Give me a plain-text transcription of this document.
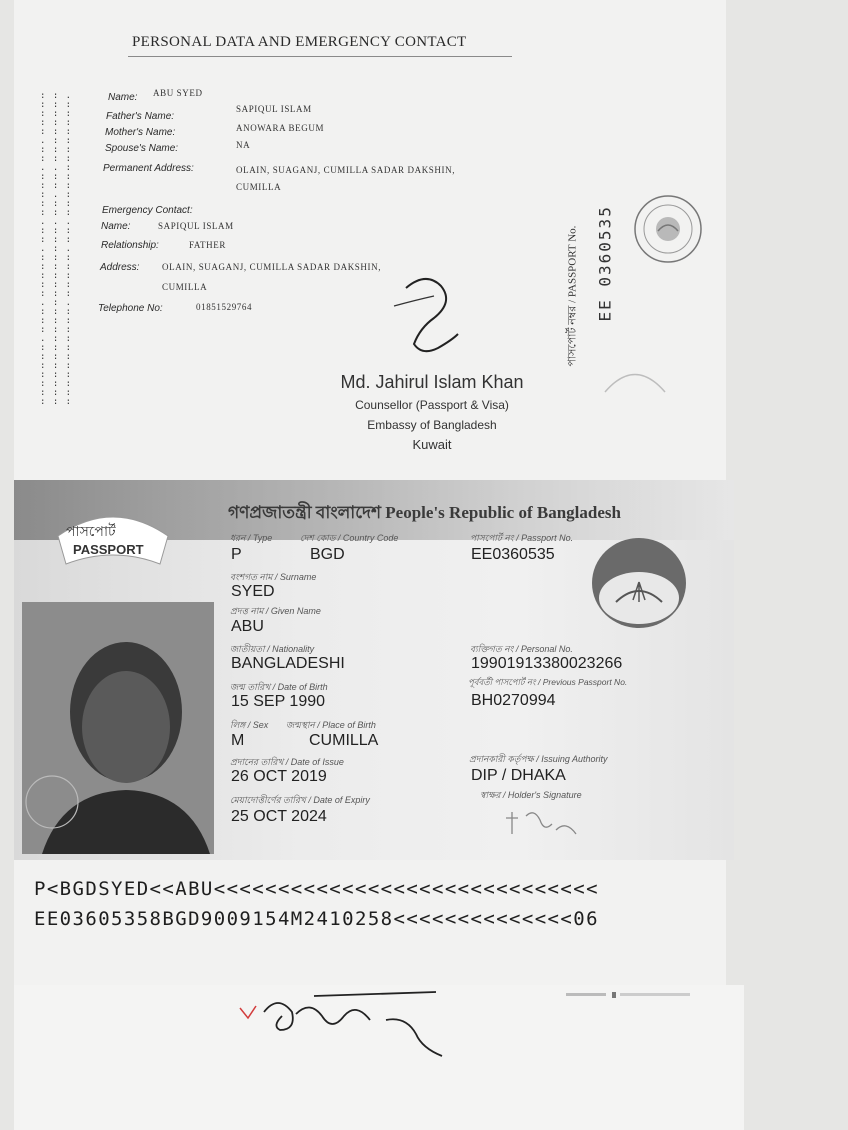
PERSONAL DATA AND EMERGENCY CONTACT
: : .
: : :
: : :
: : :
: : :
. : :
: : :
: : :
. . :
: : :
: : :
: . :
: : :
: : :
. . .
: : :
: : :
. : .
: : :
: : :
: : :
: : :
: : :
. : .
: : :
: : :
: : :
. : :
: : :
: : :
: : :
: : :
: : :
: : :
: : :
Name: ABU SYED
Father's Name:
SAPIQUL ISLAM
Mother's Name:	ANOWARA BEGUM
Spouse's Name:	NA
Permanent Address:	OLAIN, SUAGANJ, CUMILLA SADAR DAKSHIN,
CUMILLA
Emergency Contact:
Name:	SAPIQUL ISLAM
Relationship:	FATHER
Address:	OLAIN, SUAGANJ, CUMILLA SADAR DAKSHIN,
CUMILLA
Telephone No:	01851529764	পাসপোর্ট নম্বর / PASSPORT No. EE 0360535
Md. Jahirul Islam Khan
Counsellor (Passport & Visa)
Embassy of Bangladesh
Kuwait
গণপ্রজাতন্ত্রী বাংলাদেশ People's Republic of Bangladesh
পাসপোর্ট
PASSPORT
ধরন / Type	দেশ কোড / Country Code	পাসপোর্ট নং / Passport No.
P	BGD	EE0360535
বংশগত নাম / Surname
SYED
প্রদত্ত নাম / Given Name
ABU
জাতীয়তা / Nationality
BANGLADESHI
ব্যক্তিগত নং / Personal No.
19901913380023266
জন্ম তারিখ / Date of Birth
15 SEP 1990
পূর্ববর্তী পাসপোর্ট নং / Previous Passport No.
BH0270994
লিঙ্গ / Sex জন্মস্থান / Place of Birth
M	CUMILLA
প্রদানের তারিখ / Date of Issue
26 OCT 2019
প্রদানকারী কর্তৃপক্ষ / Issuing Authority
DIP / DHAKA
মেয়াদোত্তীর্ণের তারিখ / Date of Expiry
25 OCT 2024
স্বাক্ষর / Holder's Signature
P<BGDSYED<<ABU<<<<<<<<<<<<<<<<<<<<<<<<<<<<<<
EE03605358BGD9009154M2410258<<<<<<<<<<<<<<06
